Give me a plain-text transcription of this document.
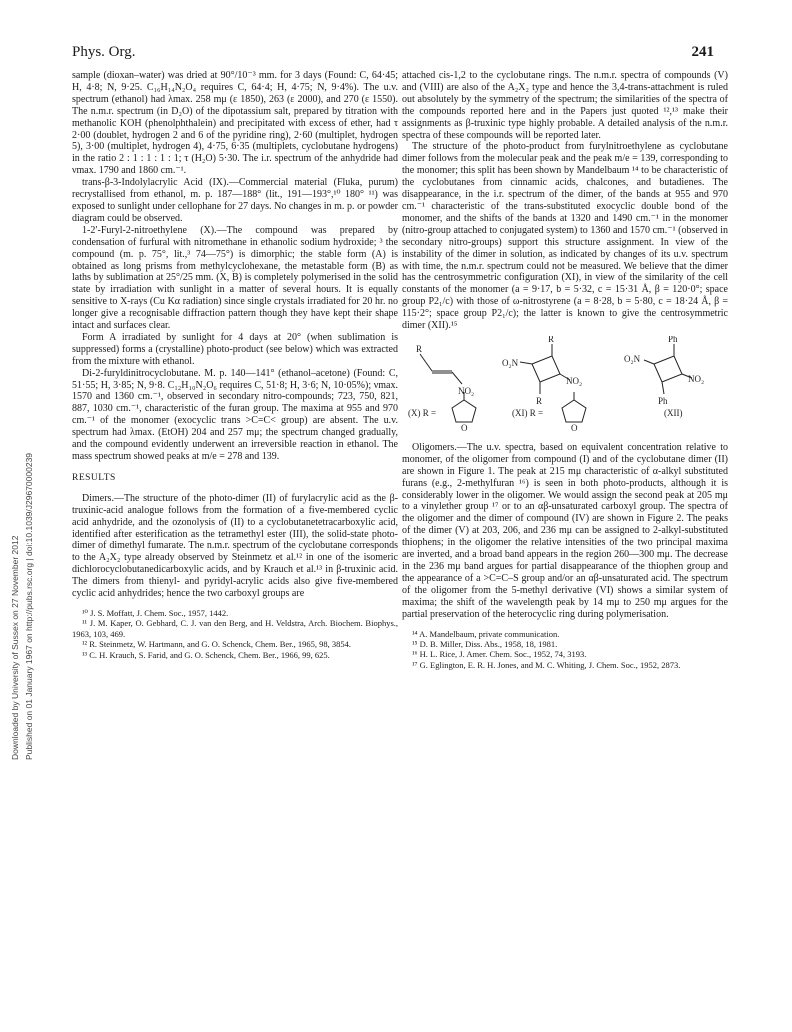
Phys. Org.	241
Downloaded by University of Sussex on 27 November 2012 Published on 01 January 1967 on http://pubs.rsc.org | doi:10.1039/J29670000239

sample (dioxan–water) was dried at 90°/10⁻³ mm. for 3 days (Found: C, 64·45; H, 4·8; N, 9·25. C₁₆H₁₄N₂O₄ requires C, 64·4; H, 4·75; N, 9·4%). The u.v. spectrum (ethanol) had λmax. 258 mμ (ε 1850), 263 (ε 2000), and 270 (ε 1550). The n.m.r. spectrum (in D₂O) of the dipotassium salt, prepared by titration with methanolic KOH (phenolphthalein) and precipitated with excess of ether, had τ 2·00 (doublet, hydrogen 2 and 6 of the pyridine ring), 2·60 (multiplet, hydrogen 5), 3·00 (multiplet, hydrogen 4), 4·75, 6·35 (multiplets, cyclobutane hydrogens) in the ratio 2 : 1 : 1 : 1 : 1; τ (H₂O) 5·30. The i.r. spectrum of the anhydride had νmax. 1790 and 1860 cm.⁻¹.

trans-β-3-Indolylacrylic Acid (IX).—Commercial material (Fluka, purum) recrystallised from ethanol, m. p. 187—188° (lit., 191—193°,¹⁰ 180° ¹¹) was exposed to sunlight under cellophane for 27 days. No changes in m. p. or powder diagram could be observed.

1-2′-Furyl-2-nitroethylene (X).—The compound was prepared by condensation of furfural with nitromethane in ethanolic sodium hydroxide; ³ the compound (m. p. 75°, lit.,³ 74—75°) is dimorphic; the stable form (A) is obtained as long prisms from methylcyclohexane, the metastable form (B) as laths by sublimation at 25°/25 mm. (X, B) is completely polymerised in the solid state by irradiation with sunlight in a matter of several hours. It is equally sensitive to X-rays (Cu Kα radiation) since single crystals irradiated for 20 hr. no longer give a recognisable diffraction pattern though they have kept their shape intact and surfaces clear.

Form A irradiated by sunlight for 4 days at 20° (when sublimation is suppressed) forms a (crystalline) photo-product (see below) which was extracted from the mixture with ethanol.

Di-2-furyldinitrocyclobutane. M. p. 140—141° (ethanol–acetone) (Found: C, 51·55; H, 3·85; N, 9·8. C₁₂H₁₀N₂O₆ requires C, 51·8; H, 3·6; N, 10·05%); νmax. 1570 and 1360 cm.⁻¹, observed in secondary nitro-compounds; 723, 750, 821, 887, 1030 cm.⁻¹, characteristic of the furan group. The maxima at 955 and 970 cm.⁻¹ of the monomer (exocyclic trans >C=C< group) are absent. The u.v. spectrum had λmax. (EtOH) 204 and 257 mμ; the spectrum changed gradually, and the compound evidently underwent an irreversible reaction in ethanol. The mass spectrum showed peaks at m/e = 278 and 139.

RESULTS

Dimers.—The structure of the photo-dimer (II) of furylacrylic acid as the β-truxinic-acid analogue follows from the formation of a five-membered cyclic acid anhydride, and the ozonolysis of (II) to a cyclobutanetetracarboxylic acid, identified after esterification as the tetramethyl ester (III), the solid-state photo-dimer of dimethyl fumarate. The n.m.r. spectrum of the cyclobutane corresponds to the A₂X₂ type already observed by Steinmetz et al.¹² in one of the isomeric dichlorocyclobutanedicarboxylic acids, and by Krauch et al.¹³ in β-truxinic acid. The dimers from thienyl- and pyridyl-acrylic acids also give five-membered cyclic acid anhydrides; hence the two carboxyl groups are

¹⁰ J. S. Moffatt, J. Chem. Soc., 1957, 1442.
¹¹ J. M. Kaper, O. Gebhard, C. J. van den Berg, and H. Veldstra, Arch. Biochem. Biophys., 1963, 103, 469.
¹² R. Steinmetz, W. Hartmann, and G. O. Schenck, Chem. Ber., 1965, 98, 3854.
¹³ C. H. Krauch, S. Farid, and G. O. Schenck, Chem. Ber., 1966, 99, 625.

attached cis-1,2 to the cyclobutane rings. The n.m.r. spectra of compounds (V) and (VIII) are also of the A₂X₂ type and hence the 3,4-trans-attachment is ruled out absolutely by the symmetry of the spectrum; the similarities of the spectra of the compounds reported here and in the Papers just quoted ¹²,¹³ make their assignments as β-truxinic type highly probable. A detailed analysis of the n.m.r. spectra of these compounds will be reported later.

The structure of the photo-product from furylnitroethylene as cyclobutane dimer follows from the molecular peak and the peak m/e = 139, corresponding to the monomer; this split has been shown by Mandelbaum ¹⁴ to be characteristic of the cyclobutanes from cinnamic acids, chalcones, and butadienes. The disappearance, in the i.r. spectrum of the dimer, of the bands at 955 and 970 cm.⁻¹ characteristic of the trans-substituted exocyclic double bond of the monomer, and the shifts of the bands at 1320 and 1490 cm.⁻¹ in the monomer (nitro-group attached to conjugated system) to 1360 and 1570 cm.⁻¹ (observed in secondary nitro-groups) support this structure assignment. In view of the instability of the dimer in solution, as indicated by changes of its u.v. spectrum with time, the n.m.r. spectrum could not be measured. We believe that the dimer has the centrosymmetric configuration (XI), in view of the similarity of the cell constants of the monomer (a = 9·17, b = 5·32, c = 15·31 Å, β = 120·0°; space group P2₁/c) with those of ω-nitrostyrene (a = 8·28, b = 5·80, c = 18·24 Å, β = 115·2°; space group P2₁/c); the latter is known to give the centrosymmetric dimer (XII).¹⁵

R
NO₂
O₂N
R
NO₂
R
O₂N
Ph
NO₂
Ph
O	O
(X) R =	(XI) R =	(XII)

Oligomers.—The u.v. spectra, based on equivalent concentration relative to monomer, of the oligomer from compound (I) and of the cyclobutane dimer (II) are shown in Figure 1. The peak at 215 mμ characteristic of α-alkyl substituted furans (e.g., 2-methylfuran ¹⁶) is seen in both photo-products, although it is considerably lower in the oligomer. We would assign the second peak at 205 mμ to a vinylether group ¹⁷ or to an αβ-unsaturated carboxyl group. The spectra of the oligomer and the dimer of compound (IV) are shown in Figure 2. The peaks of the dimer (V) at 203, 206, and 236 mμ can be assigned to 2-alkyl-substituted thiophens; in the oligomer the relative intensities of the two principal maxima are inverted, and a broad band appears in the region 260—300 mμ. The decrease in the 236 mμ band argues for partial disappearance of the thiophen group and the appearance of a >C=C–S group and/or an αβ-unsaturated acid. The spectrum of the oligomer from the 5-methyl derivative (VI) shows a similar system of maxima; the shift of the wavelength peak by 14 mμ to 250 mμ argues for the partial preservation of the heterocyclic ring during polymerisation.

¹⁴ A. Mandelbaum, private communication.
¹⁵ D. B. Miller, Diss. Abs., 1958, 18, 1981.
¹⁶ H. L. Rice, J. Amer. Chem. Soc., 1952, 74, 3193.
¹⁷ G. Eglington, E. R. H. Jones, and M. C. Whiting, J. Chem. Soc., 1952, 2873.
